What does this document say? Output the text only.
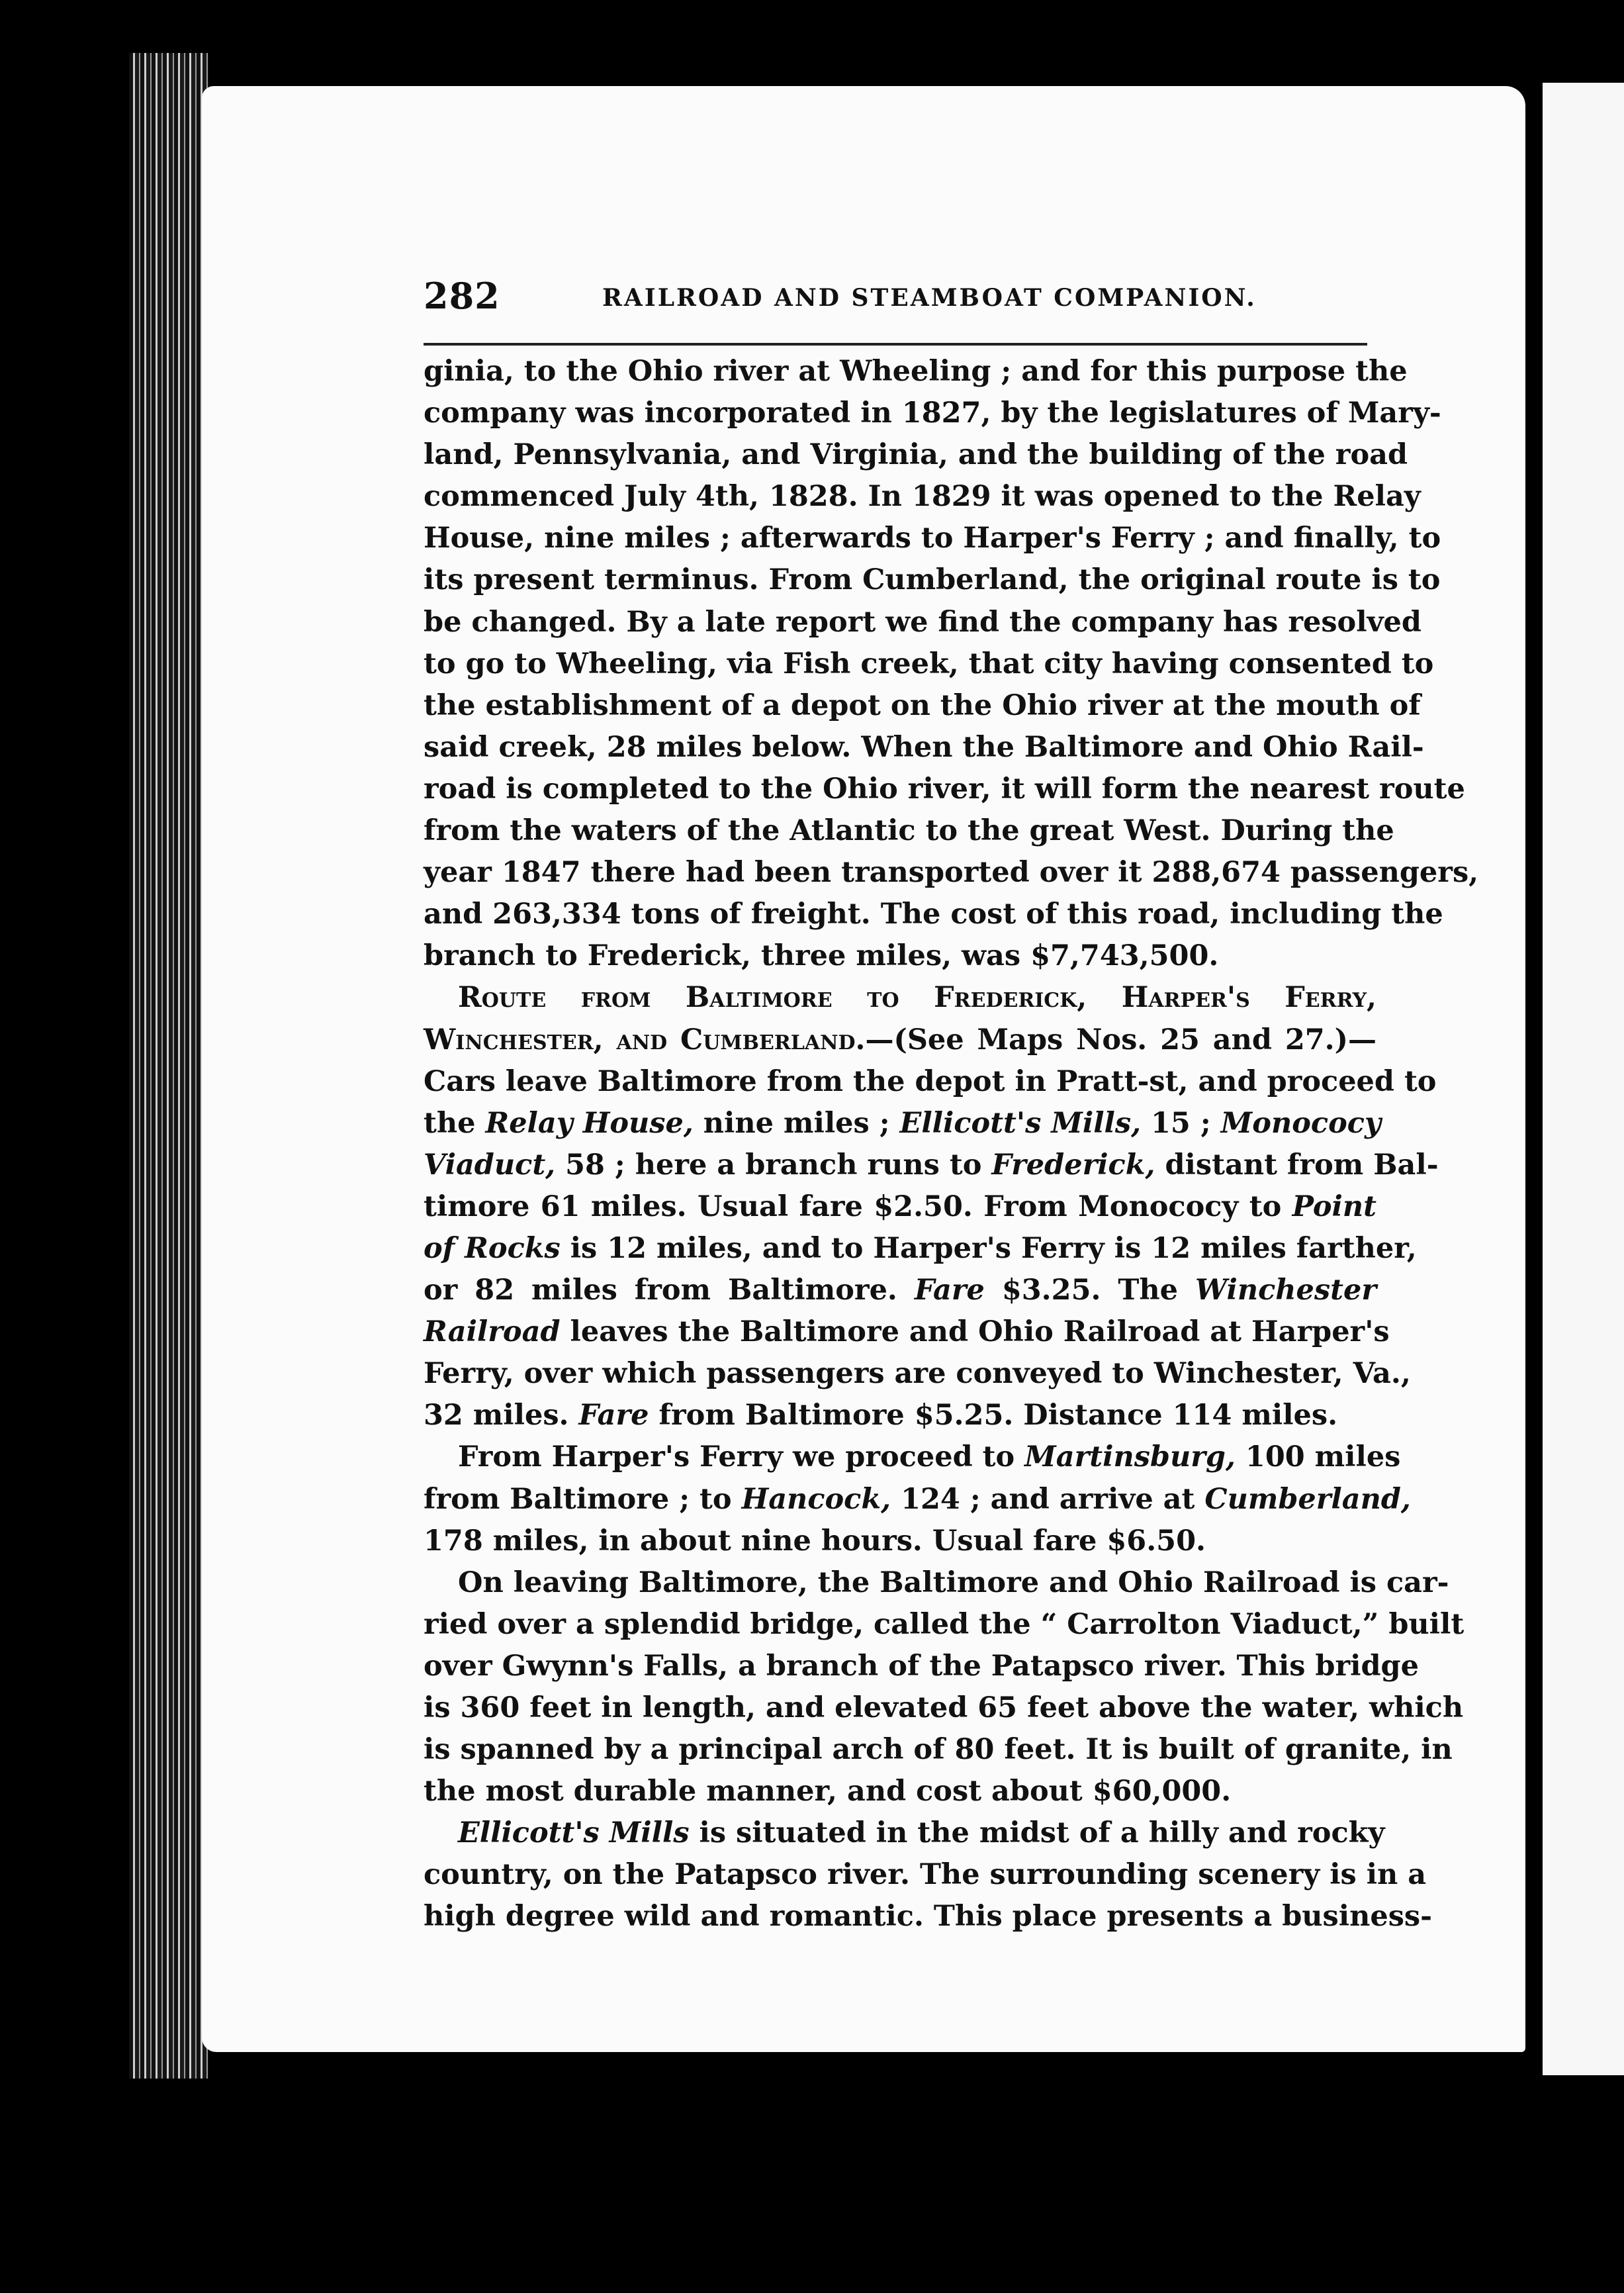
282	RAILROAD AND STEAMBOAT COMPANION.
ginia, to the Ohio river at Wheeling ; and for this purpose the
company was incorporated in 1827, by the legislatures of Mary-
land, Pennsylvania, and Virginia, and the building of the road
commenced July 4th, 1828. In 1829 it was opened to the Relay
House, nine miles ; afterwards to Harper's Ferry ; and finally, to
its present terminus. From Cumberland, the original route is to
be changed. By a late report we find the company has resolved
to go to Wheeling, via Fish creek, that city having consented to
the establishment of a depot on the Ohio river at the mouth of
said creek, 28 miles below. When the Baltimore and Ohio Rail-
road is completed to the Ohio river, it will form the nearest route
from the waters of the Atlantic to the great West. During the
year 1847 there had been transported over it 288,674 passengers,
and 263,334 tons of freight. The cost of this road, including the
branch to Frederick, three miles, was $7,743,500.
Route from Baltimore to Frederick, Harper's Ferry,
Winchester, and Cumberland.—(See Maps Nos. 25 and 27.)—
Cars leave Baltimore from the depot in Pratt-st, and proceed to
the Relay House, nine miles ; Ellicott's Mills, 15 ; Monococy
Viaduct, 58 ; here a branch runs to Frederick, distant from Bal-
timore 61 miles. Usual fare $2.50. From Monococy to Point
of Rocks is 12 miles, and to Harper's Ferry is 12 miles farther,
or 82 miles from Baltimore. Fare $3.25. The Winchester
Railroad leaves the Baltimore and Ohio Railroad at Harper's
Ferry, over which passengers are conveyed to Winchester, Va.,
32 miles. Fare from Baltimore $5.25. Distance 114 miles.
From Harper's Ferry we proceed to Martinsburg, 100 miles
from Baltimore ; to Hancock, 124 ; and arrive at Cumberland,
178 miles, in about nine hours. Usual fare $6.50.
On leaving Baltimore, the Baltimore and Ohio Railroad is car-
ried over a splendid bridge, called the “ Carrolton Viaduct,” built
over Gwynn's Falls, a branch of the Patapsco river. This bridge
is 360 feet in length, and elevated 65 feet above the water, which
is spanned by a principal arch of 80 feet. It is built of granite, in
the most durable manner, and cost about $60,000.
Ellicott's Mills is situated in the midst of a hilly and rocky
country, on the Patapsco river. The surrounding scenery is in a
high degree wild and romantic. This place presents a business-
